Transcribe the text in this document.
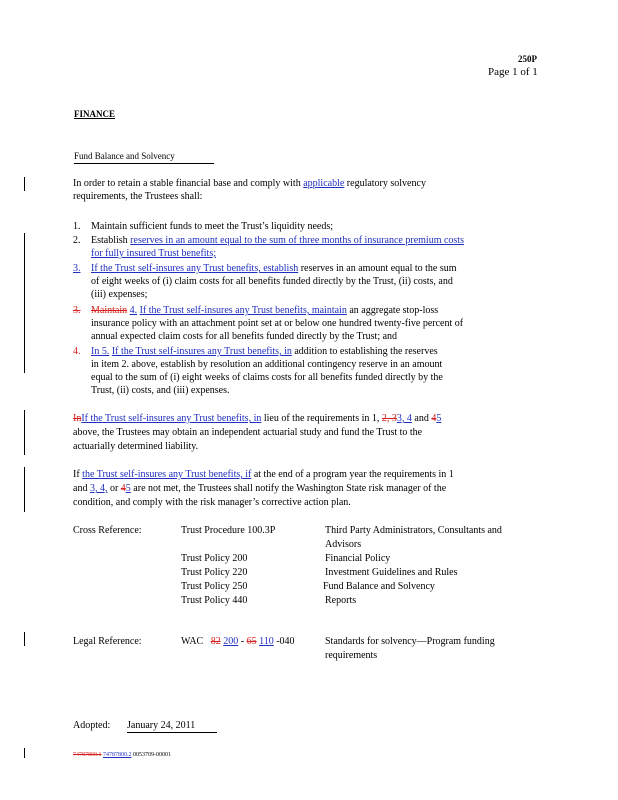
250P
Page 1 of 1
FINANCE
Fund Balance and Solvency
In order to retain a stable financial base and comply with applicable regulatory solvency
requirements, the Trustees shall:
1. Maintain sufficient funds to meet the Trust’s liquidity needs;
2. Establish reserves in an amount equal to the sum of three months of insurance premium costs
for fully insured Trust benefits;
3. If the Trust self-insures any Trust benefits, establish reserves in an amount equal to the sum
of eight weeks of (i) claim costs for all benefits funded directly by the Trust, (ii) costs, and
(iii) expenses;
3. Maintain 4. If the Trust self-insures any Trust benefits, maintain an aggregate stop-loss
insurance policy with an attachment point set at or below one hundred twenty-five percent of
annual expected claim costs for all benefits funded directly by the Trust; and
4. In 5. If the Trust self-insures any Trust benefits, in addition to establishing the reserves
in item 2. above, establish by resolution an additional contingency reserve in an amount
equal to the sum of (i) eight weeks of claims costs for all benefits funded directly by the
Trust, (ii) costs, and (iii) expenses.
InIf the Trust self-insures any Trust benefits, in lieu of the requirements in 1, 2, 33, 4 and 45
above, the Trustees may obtain an independent actuarial study and fund the Trust to the
actuarially determined liability.
If the Trust self-insures any Trust benefits, if at the end of a program year the requirements in 1
and 3, 4, or 45 are not met, the Trustees shall notify the Washington State risk manager of the
condition, and comply with the risk manager’s corrective action plan.
Cross Reference:	Trust Procedure 100.3P	Third Party Administrators, Consultants and
Advisors
Trust Policy 200	Financial Policy
Trust Policy 220	Investment Guidelines and Rules
Trust Policy 250	Fund Balance and Solvency
Trust Policy 440	Reports
Legal Reference:	WAC 82 200 - 65 110 -040	Standards for solvency—Program funding
requirements
Adopted: January 24, 2011
74787800.1 74787800.2 0053709-00001
